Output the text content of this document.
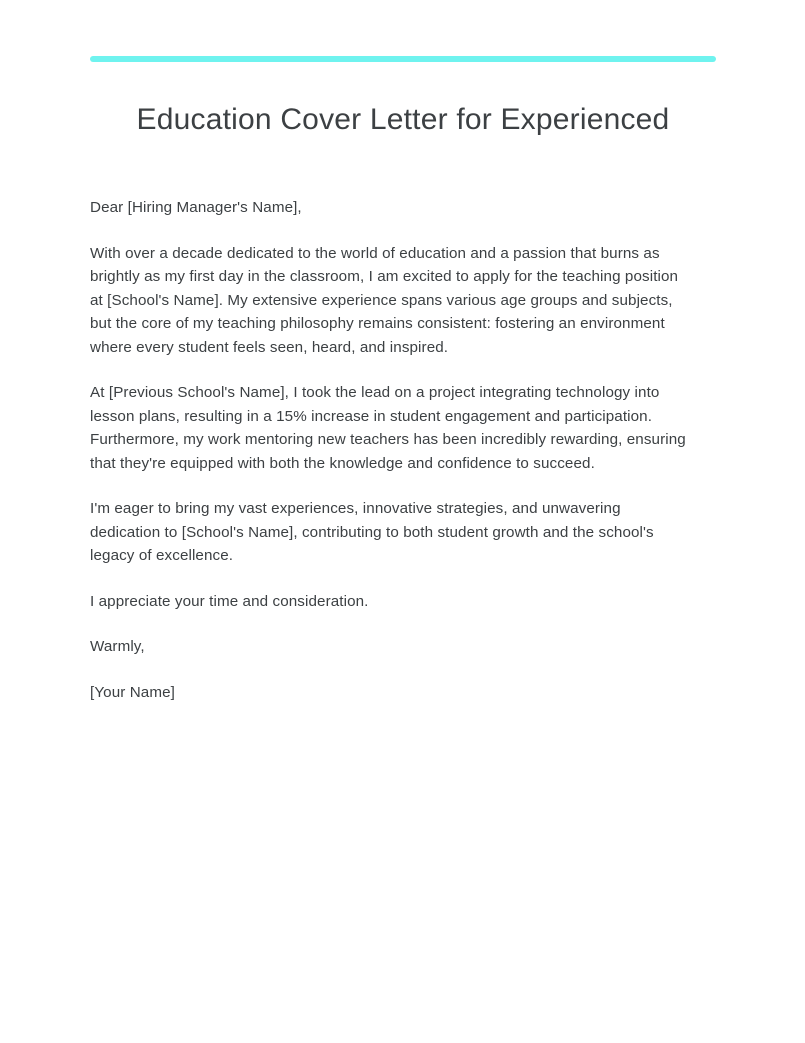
Education Cover Letter for Experienced

Dear [Hiring Manager's Name],

With over a decade dedicated to the world of education and a passion that burns as brightly as my first day in the classroom, I am excited to apply for the teaching position at [School's Name]. My extensive experience spans various age groups and subjects, but the core of my teaching philosophy remains consistent: fostering an environment where every student feels seen, heard, and inspired.

At [Previous School's Name], I took the lead on a project integrating technology into lesson plans, resulting in a 15% increase in student engagement and participation. Furthermore, my work mentoring new teachers has been incredibly rewarding, ensuring that they're equipped with both the knowledge and confidence to succeed.

I'm eager to bring my vast experiences, innovative strategies, and unwavering dedication to [School's Name], contributing to both student growth and the school's legacy of excellence.

I appreciate your time and consideration.

Warmly,

[Your Name]
